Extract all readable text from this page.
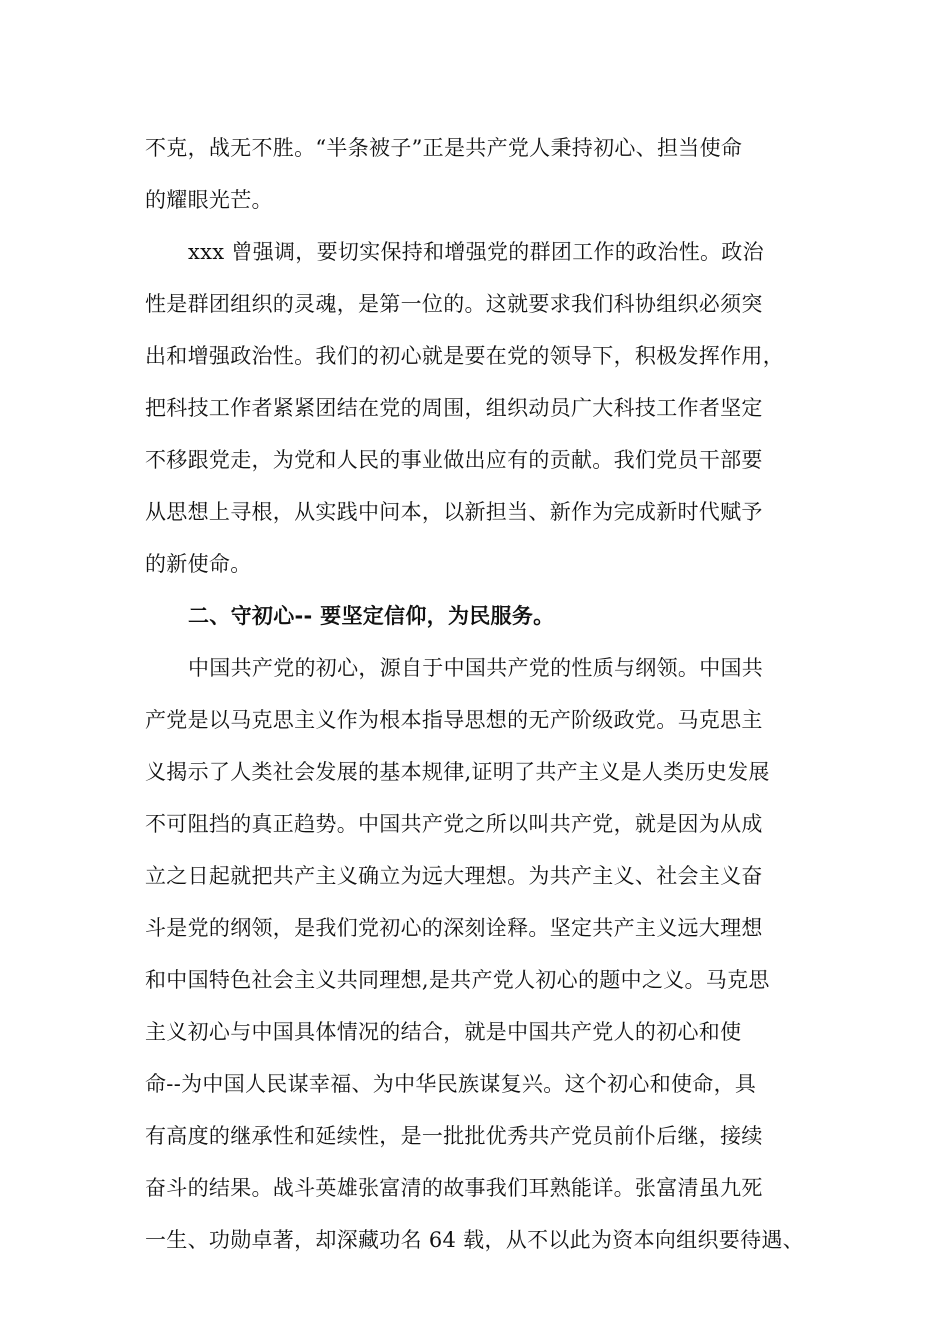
不克，战无不胜。“半条被子”正是共产党人秉持初心、担当使命
的耀眼光芒。
xxx 曾强调，要切实保持和增强党的群团工作的政治性。政治
性是群团组织的灵魂，是第一位的。这就要求我们科协组织必须突
出和增强政治性。我们的初心就是要在党的领导下，积极发挥作用，
把科技工作者紧紧团结在党的周围，组织动员广大科技工作者坚定
不移跟党走，为党和人民的事业做出应有的贡献。我们党员干部要
从思想上寻根，从实践中问本，以新担当、新作为完成新时代赋予
的新使命。
二、守初心-- 要坚定信仰，为民服务。
中国共产党的初心，源自于中国共产党的性质与纲领。中国共
产党是以马克思主义作为根本指导思想的无产阶级政党。马克思主
义揭示了人类社会发展的基本规律,证明了共产主义是人类历史发展
不可阻挡的真正趋势。中国共产党之所以叫共产党，就是因为从成
立之日起就把共产主义确立为远大理想。为共产主义、社会主义奋
斗是党的纲领，是我们党初心的深刻诠释。坚定共产主义远大理想
和中国特色社会主义共同理想,是共产党人初心的题中之义。马克思
主义初心与中国具体情况的结合，就是中国共产党人的初心和使
命--为中国人民谋幸福、为中华民族谋复兴。这个初心和使命，具
有高度的继承性和延续性，是一批批优秀共产党员前仆后继，接续
奋斗的结果。战斗英雄张富清的故事我们耳熟能详。张富清虽九死
一生、功勋卓著，却深藏功名 64 载，从不以此为资本向组织要待遇、
